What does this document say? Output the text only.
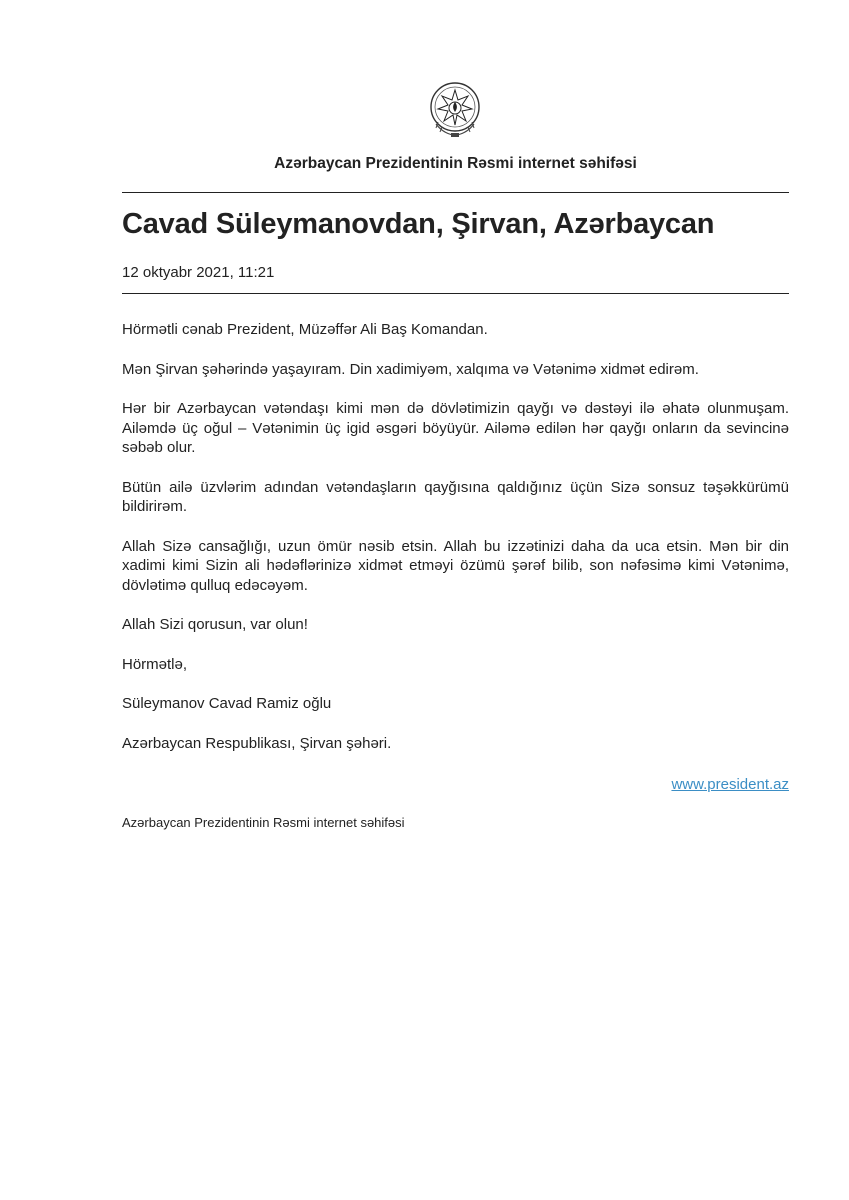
Azərbaycan Prezidentinin Rəsmi internet səhifəsi
Cavad Süleymanovdan, Şirvan, Azərbaycan
12 oktyabr 2021, 11:21

Hörmətli cənab Prezident, Müzəffər Ali Baş Komandan.

Mən Şirvan şəhərində yaşayıram. Din xadimiyəm, xalqıma və Vətənimə xidmət edirəm.

Hər bir Azərbaycan vətəndaşı kimi mən də dövlətimizin qayğı və dəstəyi ilə əhatə olunmuşam. Ailəmdə üç oğul – Vətənimin üç igid əsgəri böyüyür. Ailəmə edilən hər qayğı onların da sevincinə səbəb olur.

Bütün ailə üzvlərim adından vətəndaşların qayğısına qaldığınız üçün Sizə sonsuz təşəkkürümü bildirirəm.

Allah Sizə cansağlığı, uzun ömür nəsib etsin. Allah bu izzətinizi daha da uca etsin. Mən bir din xadimi kimi Sizin ali hədəflərinizə xidmət etməyi özümü şərəf bilib, son nəfəsimə kimi Vətənimə, dövlətimə qulluq edəcəyəm.

Allah Sizi qorusun, var olun!

Hörmətlə,

Süleymanov Cavad Ramiz oğlu

Azərbaycan Respublikası, Şirvan şəhəri.

www.president.az
Azərbaycan Prezidentinin Rəsmi internet səhifəsi
